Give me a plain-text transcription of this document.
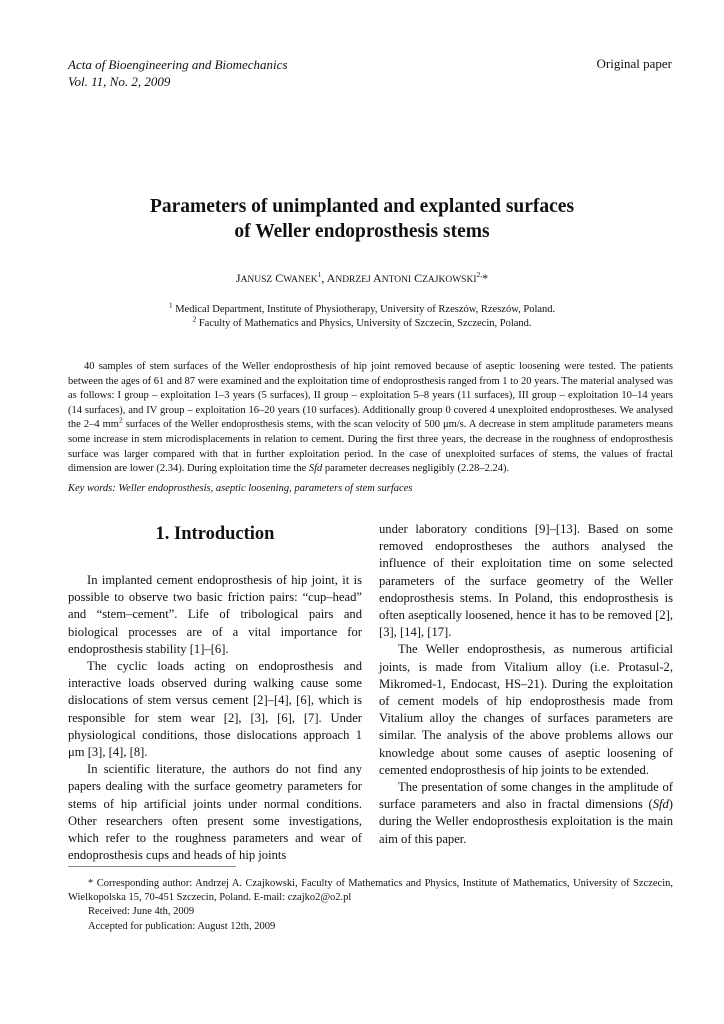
Acta of Bioengineering and Biomechanics
Vol. 11, No. 2, 2009
Original paper
Parameters of unimplanted and explanted surfaces
of Weller endoprosthesis stems
JANUSZ CWANEK$^1$, ANDRZEJ ANTONI $CZAJKOWSKI^{2,}*$
$^1$ Medical Department, Institute of Physiotherapy, University of Rzeszów, Rzeszów, Poland.
$^2$ Faculty of Mathematics and Physics, University of Szczecin, Szczecin, Poland.

40 samples of stem surfaces of the Weller endoprosthesis of hip joint removed because of aseptic loosening were tested. The patients between the ages of 61 and 87 were examined and the exploitation time of endoprosthesis ranged from 1 to 20 years. The material analysed was as follows: I group – exploitation 1–3 years (5 surfaces), II group – exploitation 5–8 years (11 surfaces), III group – exploitation 10–14 years (14 surfaces), and IV group – exploitation 16–20 years (10 surfaces). Additionally group 0 covered 4 unexploited endoprostheses. We analysed the 2–4 $mm^2$ surfaces of the Weller endoprosthesis stems, with the scan velocity of 500 μm/s. A decrease in stem amplitude parameters means some increase in stem microdisplacements in relation to cement. During the first three years, the decrease in the roughness of endoprosthesis surface was larger compared with that in further exploitation period. In the case of unexploited surfaces of stems, the values of fractal dimension are lower (2.34). During exploitation time the Sfd parameter decreases negligibly (2.28–2.24).

Key words: Weller endoprosthesis, aseptic loosening, parameters of stem surfaces
1. Introduction

In implanted cement endoprosthesis of hip joint, it is possible to observe two basic friction pairs: “cup–head” and “stem–cement”. Life of tribological pairs and biological processes are of a vital importance for endoprosthesis stability [1]–[6].

The cyclic loads acting on endoprosthesis and interactive loads observed during walking cause some dislocations of stem versus cement [2]–[4], [6], which is responsible for stem wear [2], [3], [6], [7]. Under physiological conditions, those dislocations approach 1 μm [3], [4], [8].

In scientific literature, the authors do not find any papers dealing with the surface geometry parameters for stems of hip artificial joints under normal conditions. Other researchers often present some investigations, which refer to the roughness parameters and wear of endoprosthesis cups and heads of hip joints

under laboratory conditions [9]–[13]. Based on some removed endoprostheses the authors analysed the influence of their exploitation time on some selected parameters of the surface geometry of the Weller endoprosthesis stems. In Poland, this endoprosthesis is often aseptically loosened, hence it has to be removed [2], [3], [14], [17].

The Weller endoprosthesis, as numerous artificial joints, is made from Vitalium alloy (i.e. Protasul-2, Mikromed-1, Endocast, HS–21). During the exploitation of cement models of hip endoprosthesis made from Vitalium alloy the changes of surfaces parameters are similar. The analysis of the above problems allows our knowledge about some causes of aseptic loosening of cemented endoprosthesis of hip joints to be extended.

The presentation of some changes in the amplitude of surface parameters and also in fractal dimensions (Sfd) during the Weller endoprosthesis exploitation is the main aim of this paper.

* Corresponding author: Andrzej A. Czajkowski, Faculty of Mathematics and Physics, Institute of Mathematics, University of Szczecin, Wielkopolska 15, 70-451 Szczecin, Poland. E-mail: czajko2@o2.pl
Received: June 4th, 2009
Accepted for publication: August 12th, 2009
